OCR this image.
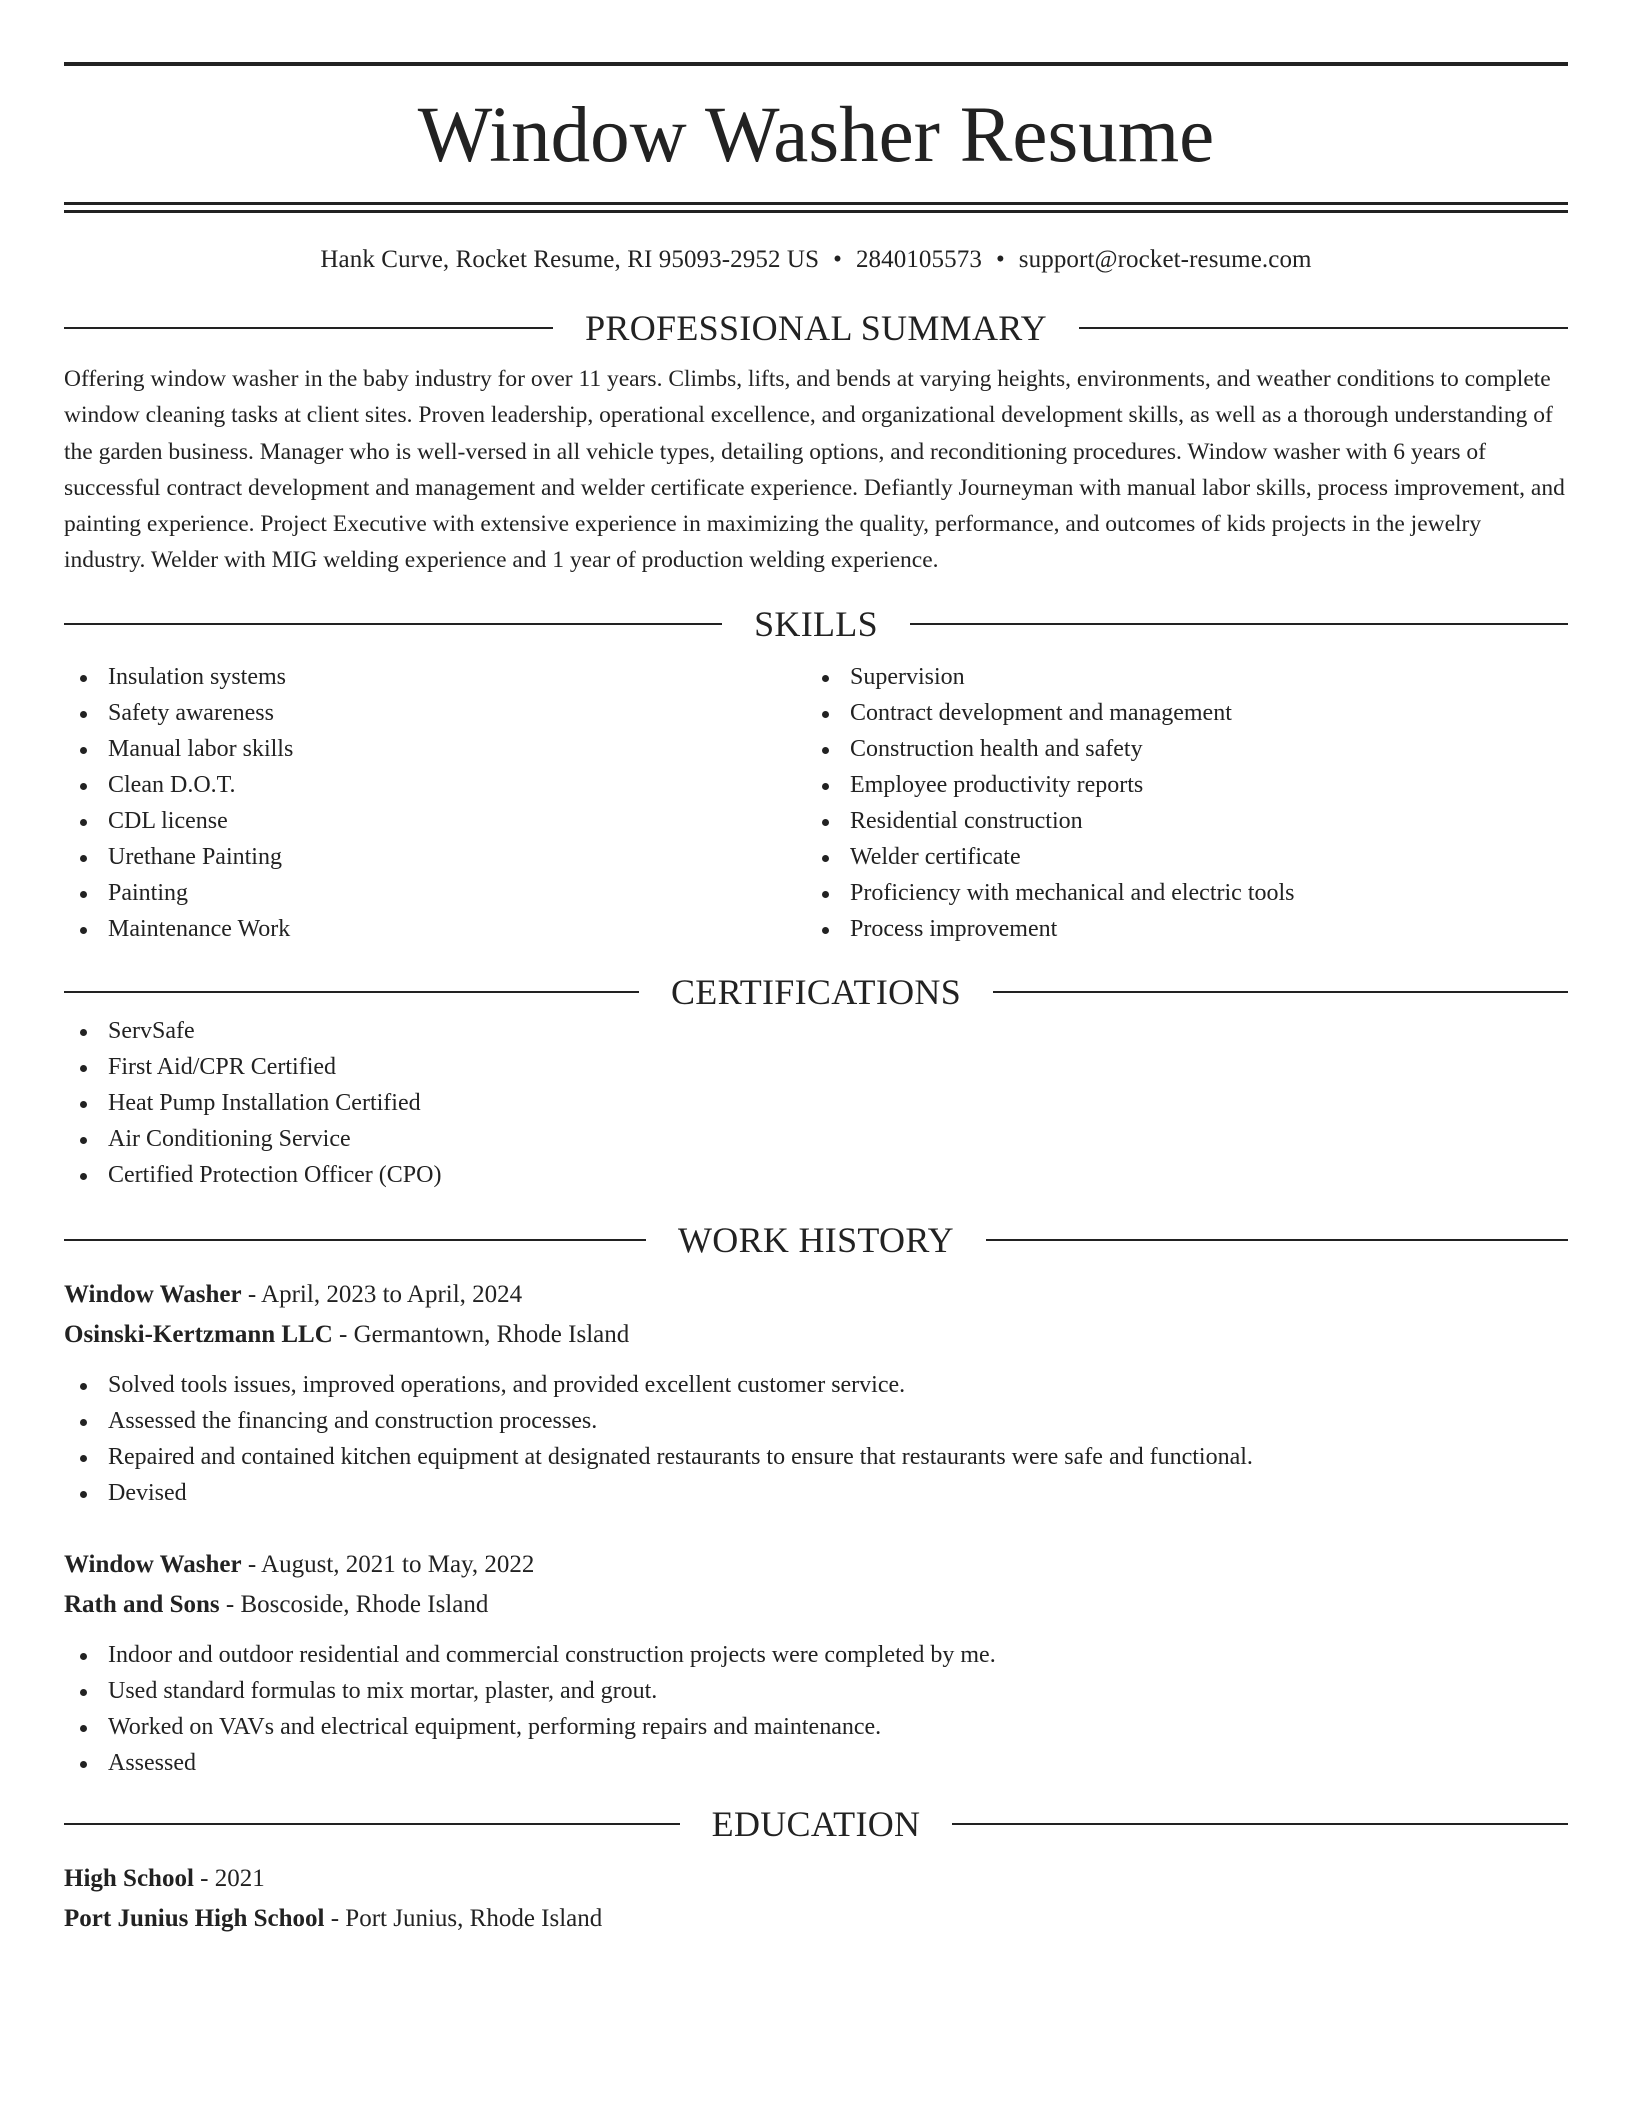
Window Washer Resume
Hank Curve, Rocket Resume, RI 95093-2952 US • 2840105573 • support@rocket-resume.com
PROFESSIONAL SUMMARY

Offering window washer in the baby industry for over 11 years. Climbs, lifts, and bends at varying heights, environments, and weather conditions to complete window cleaning tasks at client sites. Proven leadership, operational excellence, and organizational development skills, as well as a thorough understanding of the garden business. Manager who is well-versed in all vehicle types, detailing options, and reconditioning procedures. Window washer with 6 years of successful contract development and management and welder certificate experience. Defiantly Journeyman with manual labor skills, process improvement, and painting experience. Project Executive with extensive experience in maximizing the quality, performance, and outcomes of kids projects in the jewelry industry. Welder with MIG welding experience and 1 year of production welding experience.

SKILLS
Insulation systems
Safety awareness
Manual labor skills
Clean D.O.T.
CDL license
Urethane Painting
Painting
Maintenance Work
Supervision
Contract development and management
Construction health and safety
Employee productivity reports
Residential construction
Welder certificate
Proficiency with mechanical and electric tools
Process improvement
CERTIFICATIONS
ServSafe
First Aid/CPR Certified
Heat Pump Installation Certified
Air Conditioning Service
Certified Protection Officer (CPO)
WORK HISTORY
Window Washer - April, 2023 to April, 2024
Osinski-Kertzmann LLC - Germantown, Rhode Island
Solved tools issues, improved operations, and provided excellent customer service.
Assessed the financing and construction processes.
Repaired and contained kitchen equipment at designated restaurants to ensure that restaurants were safe and functional.
Devised
Window Washer - August, 2021 to May, 2022
Rath and Sons - Boscoside, Rhode Island
Indoor and outdoor residential and commercial construction projects were completed by me.
Used standard formulas to mix mortar, plaster, and grout.
Worked on VAVs and electrical equipment, performing repairs and maintenance.
Assessed
EDUCATION
High School - 2021
Port Junius High School - Port Junius, Rhode Island
